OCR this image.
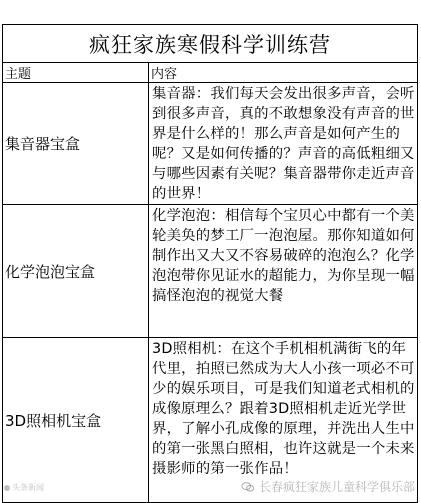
疯狂家族寒假科学训练营	
主题	内容
集音器宝盒	集音器：我们每天会发出很多声音，会听到很多声音，真的不敢想象没有声音的世界是什么样的！那么声音是如何产生的呢？又是如何传播的？声音的高低粗细又与哪些因素有关呢？集音器带你走近声音的世界！
化学泡泡宝盒	化学泡泡：相信每个宝贝心中都有一个美轮美奂的梦工厂一泡泡屋。那你知道如何制作出又大又不容易破碎的泡泡么？化学泡泡带你见证水的超能力，为你呈现一幅搞怪泡泡的视觉大餐
3D照相机宝盒	3D照相机：在这个手机相机满街飞的年代里，拍照已然成为大人小孩一项必不可少的娱乐项目，可是我们知道老式相机的成像原理么？跟着3D照相机走近光学世界，了解小孔成像的原理，并洗出人生中的第一张黑白照相，也许这就是一个未来摄影师的第一张作品！
头条新闻	长春疯狂家族儿童科学俱乐部
